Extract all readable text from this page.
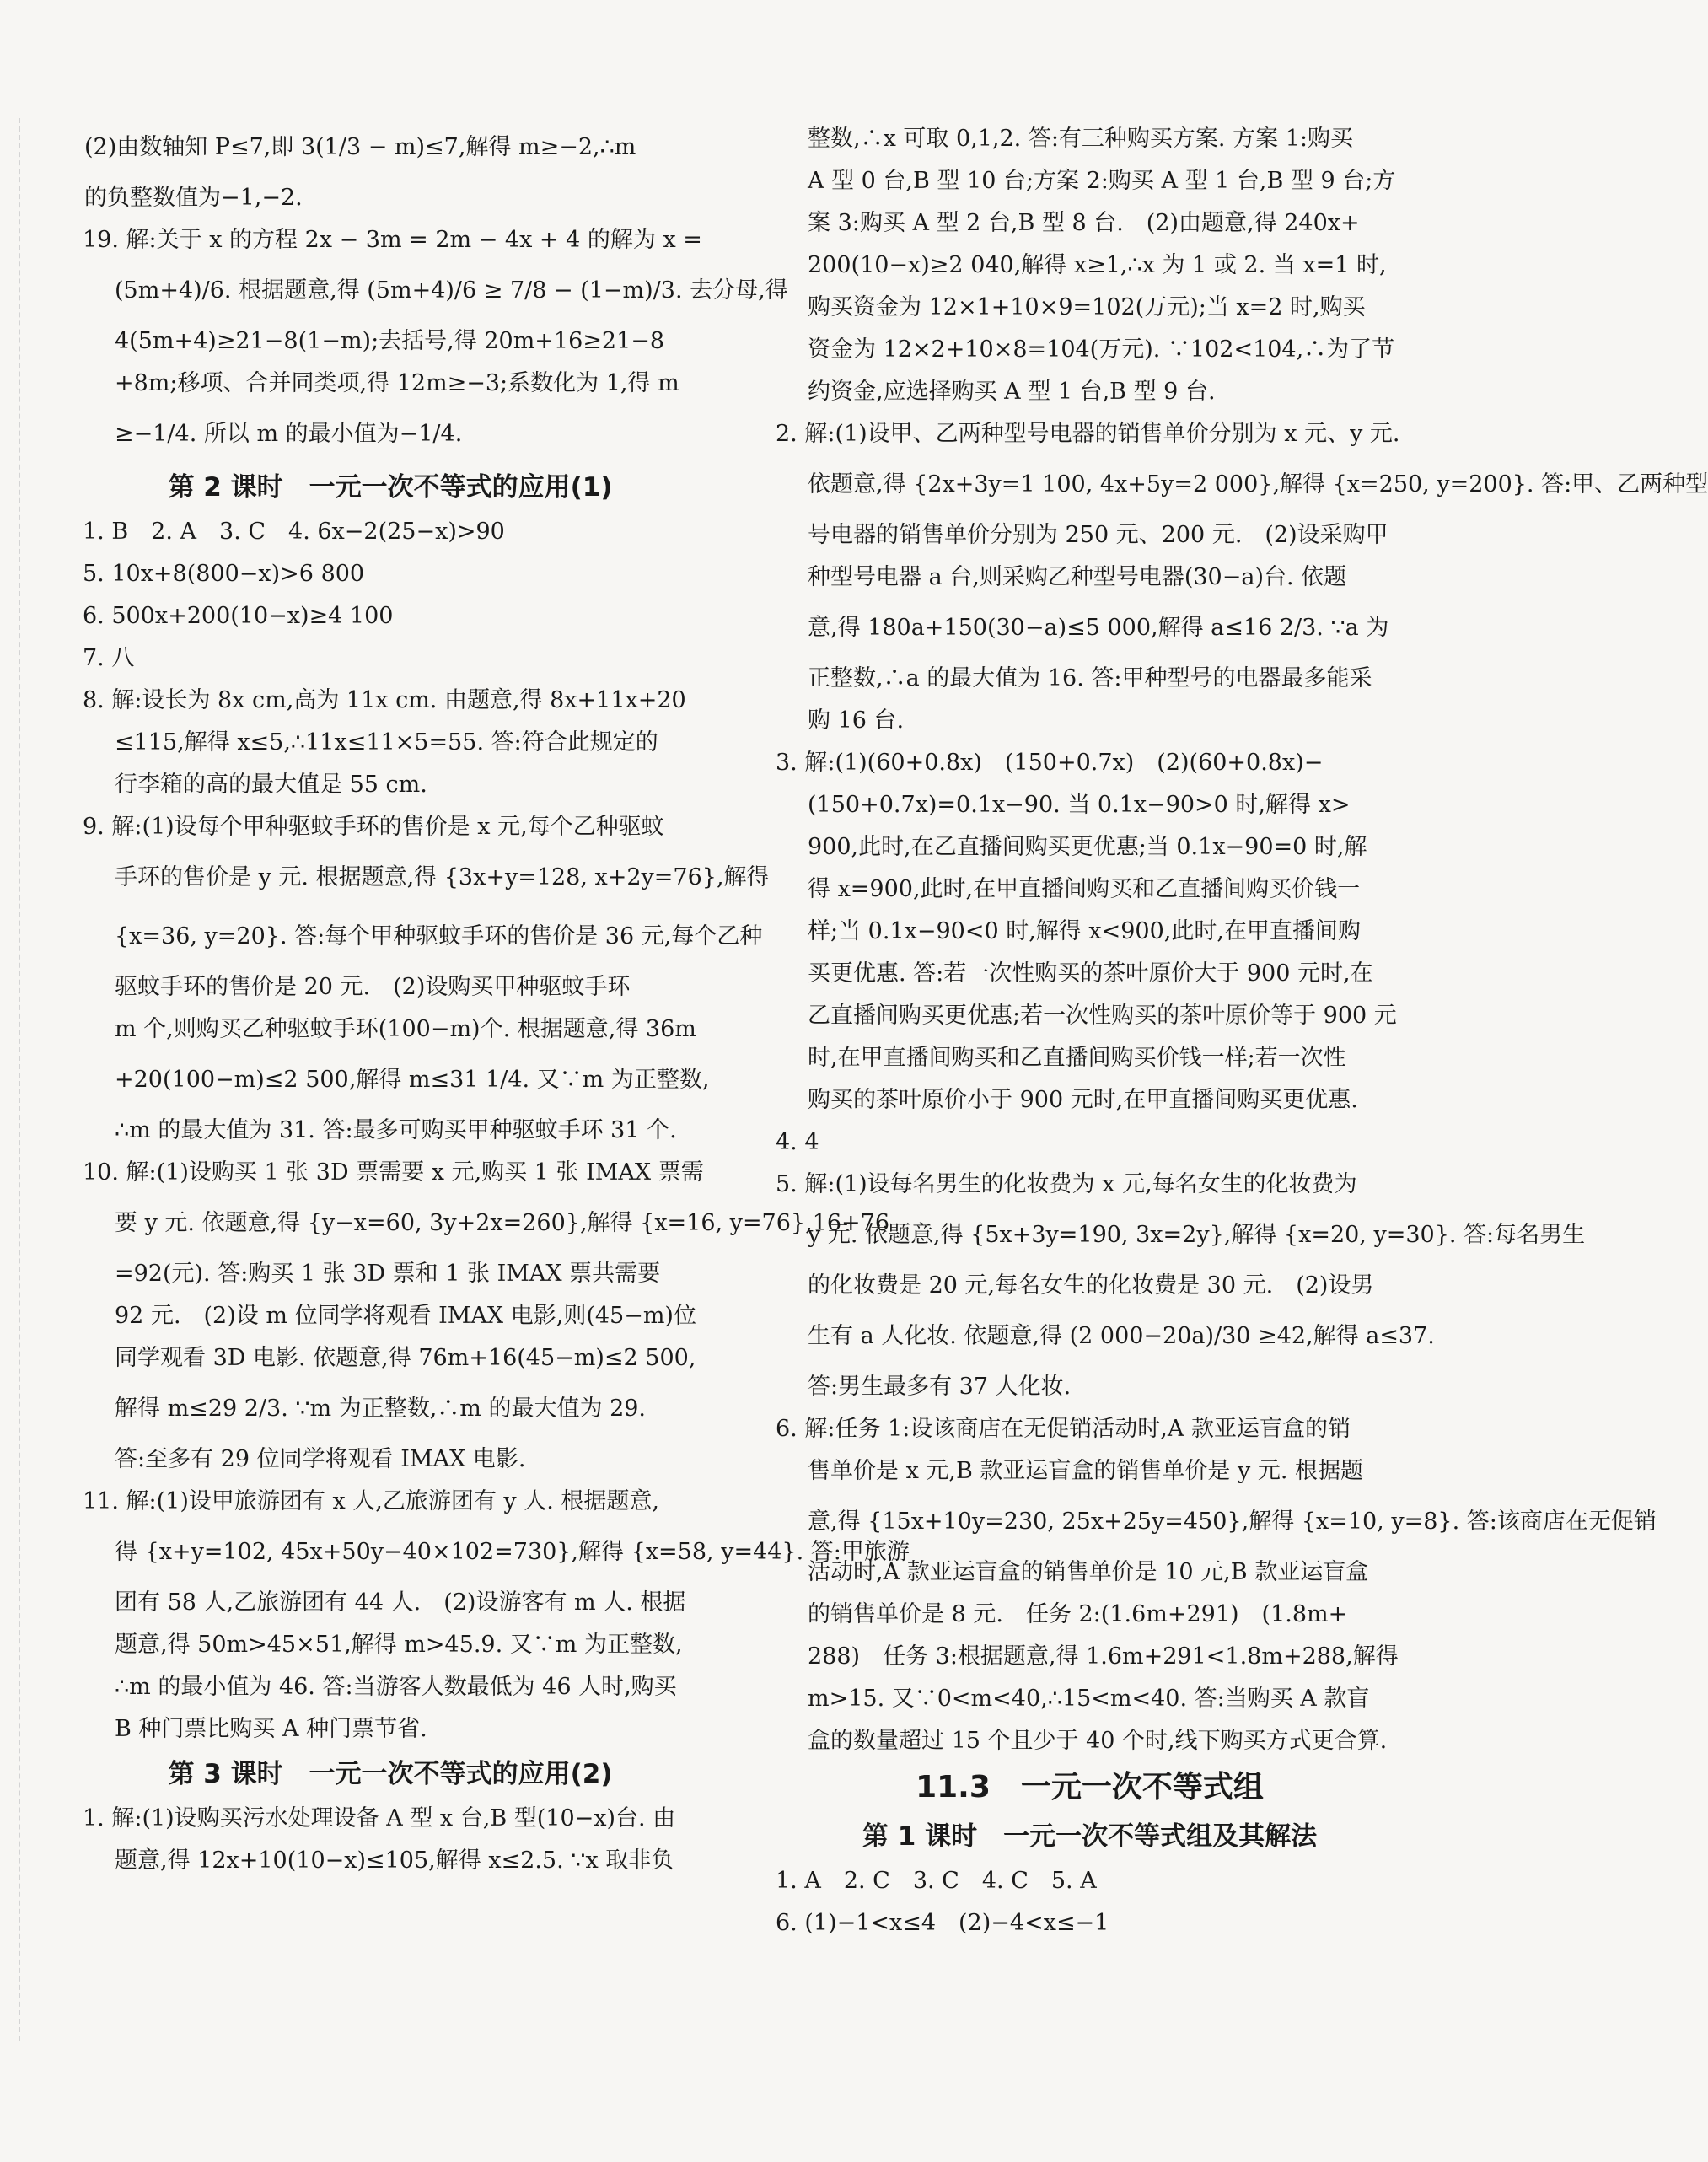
(2)由数轴知 P≤7,即 3(1/3 − m)≤7,解得 m≥−2,∴m
的负整数值为−1,−2.
19. 解:关于 x 的方程 2x − 3m = 2m − 4x + 4 的解为 x =
(5m+4)/6. 根据题意,得 (5m+4)/6 ≥ 7/8 − (1−m)/3. 去分母,得
4(5m+4)≥21−8(1−m);去括号,得 20m+16≥21−8
+8m;移项、合并同类项,得 12m≥−3;系数化为 1,得 m
≥−1/4. 所以 m 的最小值为−1/4.
第 2 课时　一元一次不等式的应用(1)
1. B　2. A　3. C　4. 6x−2(25−x)>90
5. 10x+8(800−x)>6 800
6. 500x+200(10−x)≥4 100
7. 八
8. 解:设长为 8x cm,高为 11x cm. 由题意,得 8x+11x+20
≤115,解得 x≤5,∴11x≤11×5=55. 答:符合此规定的
行李箱的高的最大值是 55 cm.
9. 解:(1)设每个甲种驱蚊手环的售价是 x 元,每个乙种驱蚊
手环的售价是 y 元. 根据题意,得 {3x+y=128, x+2y=76},解得
{x=36, y=20}. 答:每个甲种驱蚊手环的售价是 36 元,每个乙种
驱蚊手环的售价是 20 元.　(2)设购买甲种驱蚊手环
m 个,则购买乙种驱蚊手环(100−m)个. 根据题意,得 36m
+20(100−m)≤2 500,解得 m≤31 1/4. 又∵m 为正整数,
∴m 的最大值为 31. 答:最多可购买甲种驱蚊手环 31 个.
10. 解:(1)设购买 1 张 3D 票需要 x 元,购买 1 张 IMAX 票需
要 y 元. 依题意,得 {y−x=60, 3y+2x=260},解得 {x=16, y=76},16+76
=92(元). 答:购买 1 张 3D 票和 1 张 IMAX 票共需要
92 元.　(2)设 m 位同学将观看 IMAX 电影,则(45−m)位
同学观看 3D 电影. 依题意,得 76m+16(45−m)≤2 500,
解得 m≤29 2/3. ∵m 为正整数,∴m 的最大值为 29.
答:至多有 29 位同学将观看 IMAX 电影.
11. 解:(1)设甲旅游团有 x 人,乙旅游团有 y 人. 根据题意,
得 {x+y=102, 45x+50y−40×102=730},解得 {x=58, y=44}. 答:甲旅游
团有 58 人,乙旅游团有 44 人.　(2)设游客有 m 人. 根据
题意,得 50m>45×51,解得 m>45.9. 又∵m 为正整数,
∴m 的最小值为 46. 答:当游客人数最低为 46 人时,购买
B 种门票比购买 A 种门票节省.
第 3 课时　一元一次不等式的应用(2)
1. 解:(1)设购买污水处理设备 A 型 x 台,B 型(10−x)台. 由
题意,得 12x+10(10−x)≤105,解得 x≤2.5. ∵x 取非负
整数,∴x 可取 0,1,2. 答:有三种购买方案. 方案 1:购买
A 型 0 台,B 型 10 台;方案 2:购买 A 型 1 台,B 型 9 台;方
案 3:购买 A 型 2 台,B 型 8 台.　(2)由题意,得 240x+
200(10−x)≥2 040,解得 x≥1,∴x 为 1 或 2. 当 x=1 时,
购买资金为 12×1+10×9=102(万元);当 x=2 时,购买
资金为 12×2+10×8=104(万元). ∵102<104,∴为了节
约资金,应选择购买 A 型 1 台,B 型 9 台.
2. 解:(1)设甲、乙两种型号电器的销售单价分别为 x 元、y 元.
依题意,得 {2x+3y=1 100, 4x+5y=2 000},解得 {x=250, y=200}. 答:甲、乙两种型
号电器的销售单价分别为 250 元、200 元.　(2)设采购甲
种型号电器 a 台,则采购乙种型号电器(30−a)台. 依题
意,得 180a+150(30−a)≤5 000,解得 a≤16 2/3. ∵a 为
正整数,∴a 的最大值为 16. 答:甲种型号的电器最多能采
购 16 台.
3. 解:(1)(60+0.8x)　(150+0.7x)　(2)(60+0.8x)−
(150+0.7x)=0.1x−90. 当 0.1x−90>0 时,解得 x>
900,此时,在乙直播间购买更优惠;当 0.1x−90=0 时,解
得 x=900,此时,在甲直播间购买和乙直播间购买价钱一
样;当 0.1x−90<0 时,解得 x<900,此时,在甲直播间购
买更优惠. 答:若一次性购买的茶叶原价大于 900 元时,在
乙直播间购买更优惠;若一次性购买的茶叶原价等于 900 元
时,在甲直播间购买和乙直播间购买价钱一样;若一次性
购买的茶叶原价小于 900 元时,在甲直播间购买更优惠.
4. 4
5. 解:(1)设每名男生的化妆费为 x 元,每名女生的化妆费为
y 元. 依题意,得 {5x+3y=190, 3x=2y},解得 {x=20, y=30}. 答:每名男生
的化妆费是 20 元,每名女生的化妆费是 30 元.　(2)设男
生有 a 人化妆. 依题意,得 (2 000−20a)/30 ≥42,解得 a≤37.
答:男生最多有 37 人化妆.
6. 解:任务 1:设该商店在无促销活动时,A 款亚运盲盒的销
售单价是 x 元,B 款亚运盲盒的销售单价是 y 元. 根据题
意,得 {15x+10y=230, 25x+25y=450},解得 {x=10, y=8}. 答:该商店在无促销
活动时,A 款亚运盲盒的销售单价是 10 元,B 款亚运盲盒
的销售单价是 8 元.　任务 2:(1.6m+291)　(1.8m+
288)　任务 3:根据题意,得 1.6m+291<1.8m+288,解得
m>15. 又∵0<m<40,∴15<m<40. 答:当购买 A 款盲
盒的数量超过 15 个且少于 40 个时,线下购买方式更合算.
11.3　一元一次不等式组
第 1 课时　一元一次不等式组及其解法
1. A　2. C　3. C　4. C　5. A
6. (1)−1<x≤4　(2)−4<x≤−1
